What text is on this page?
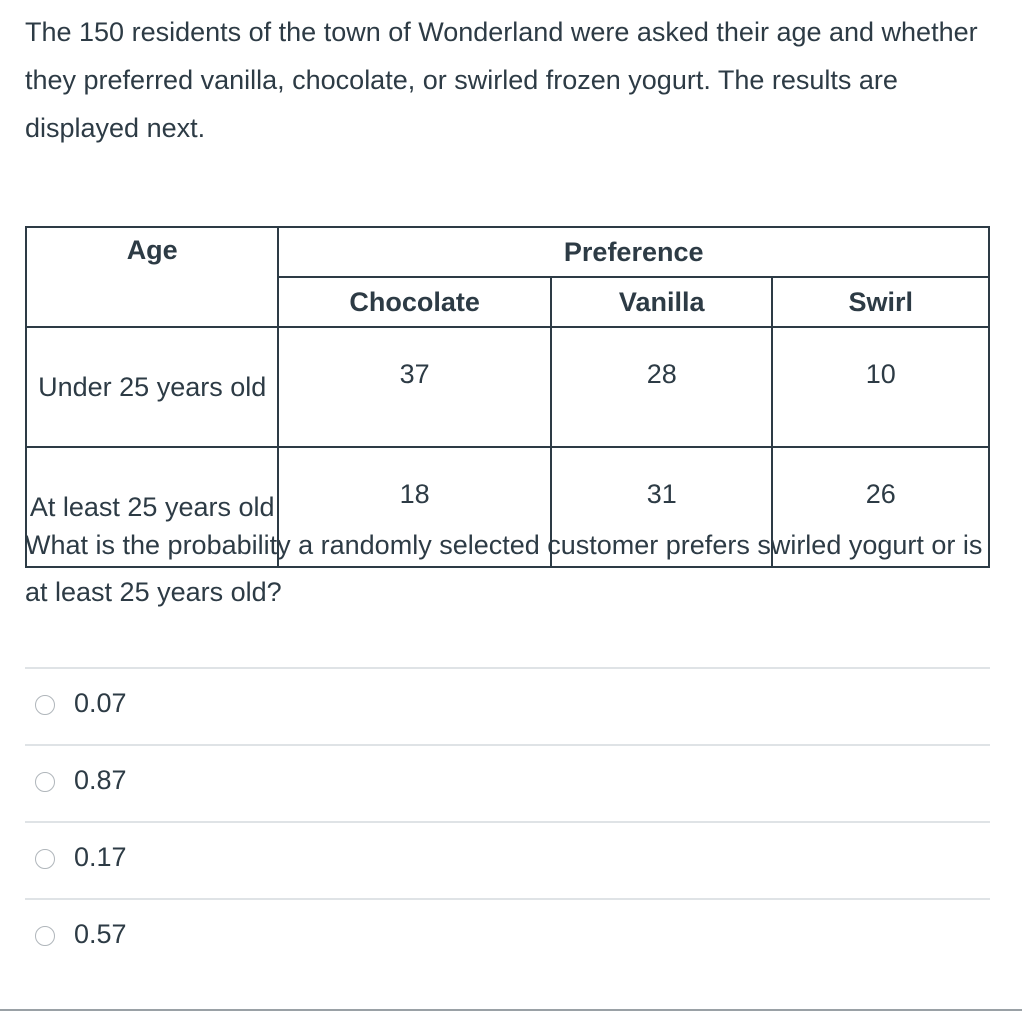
The 150 residents of the town of Wonderland were asked their age and whether they preferred vanilla, chocolate, or swirled frozen yogurt. The results are displayed next.

Age	Preference		
	Chocolate	Vanilla	Swirl
Under 25 years old	37	28	10
At least 25 years old	18	31	26

What is the probability a randomly selected customer prefers swirled yogurt or is at least 25 years old?

0.07
0.87
0.17
0.57
